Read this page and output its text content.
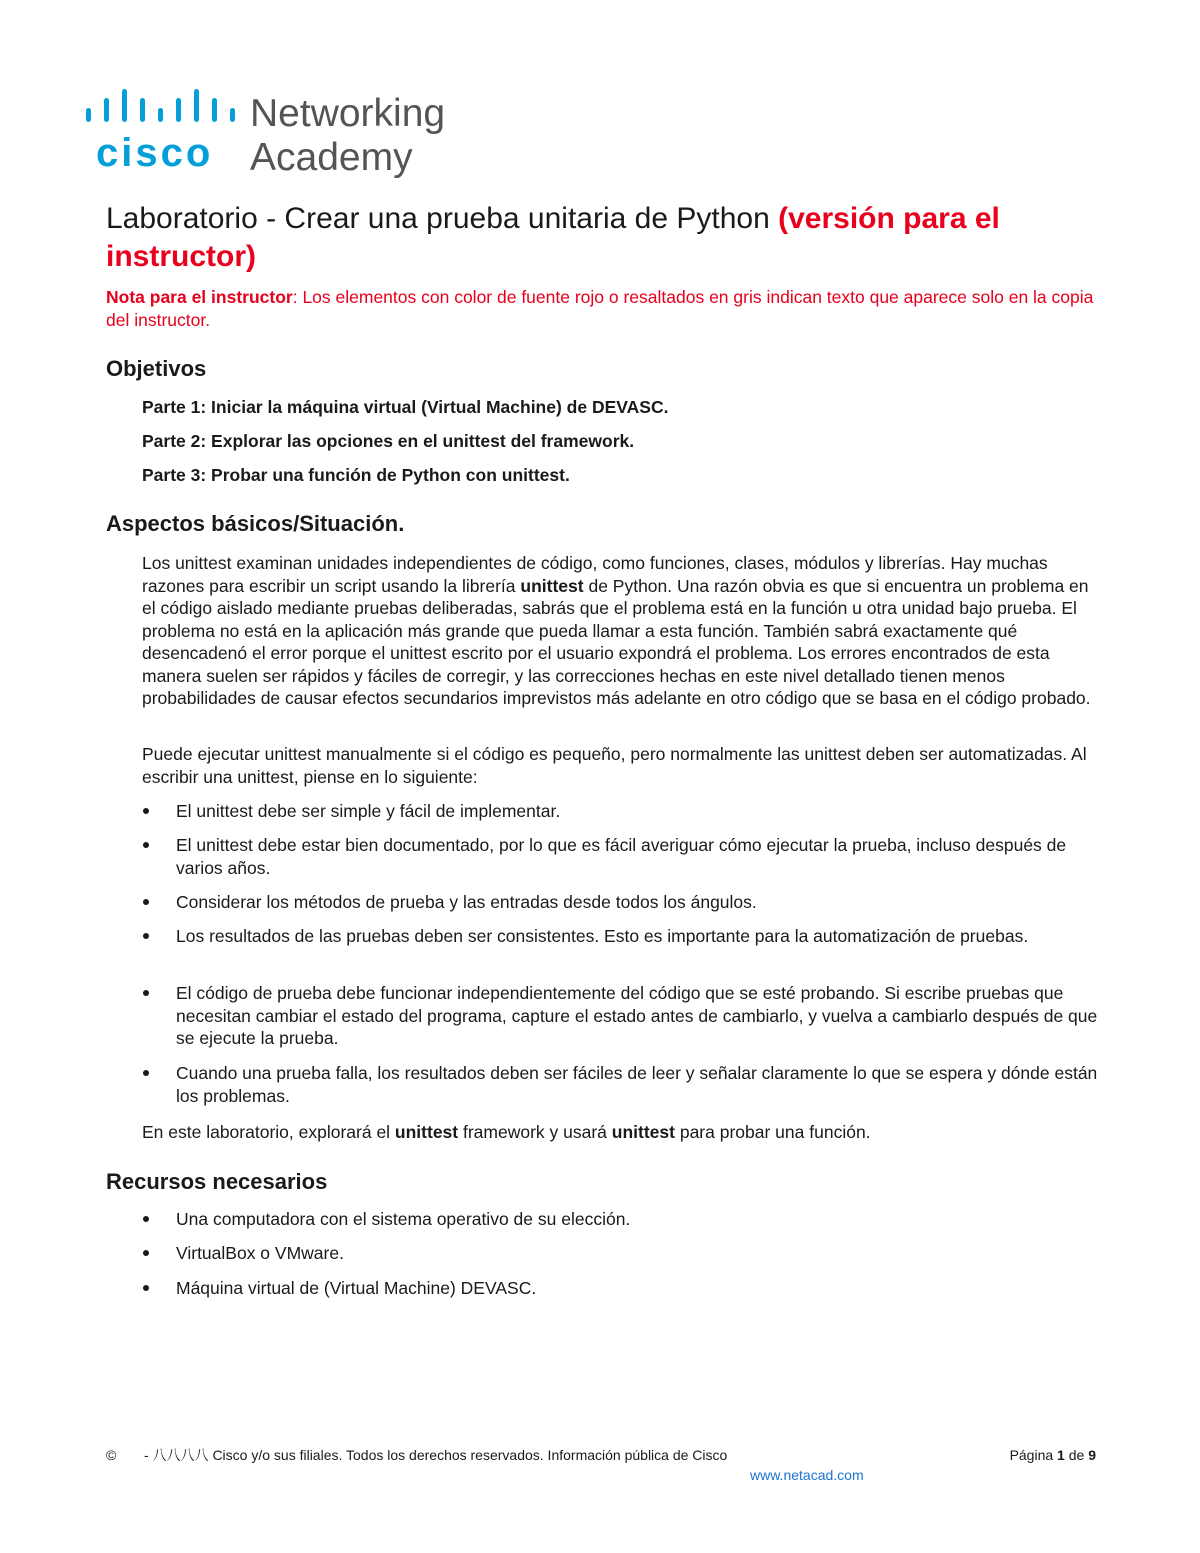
cisco
Networking
Academy
Laboratorio - Crear una prueba unitaria de Python (versión para el instructor)

Nota para el instructor: Los elementos con color de fuente rojo o resaltados en gris indican texto que aparece solo en la copia del instructor.

Objetivos

Parte 1: Iniciar la máquina virtual (Virtual Machine) de DEVASC.

Parte 2: Explorar las opciones en el unittest del framework.

Parte 3: Probar una función de Python con unittest.

Aspectos básicos/Situación.

Los unittest examinan unidades independientes de código, como funciones, clases, módulos y librerías. Hay muchas razones para escribir un script usando la librería unittest de Python. Una razón obvia es que si encuentra un problema en el código aislado mediante pruebas deliberadas, sabrás que el problema está en la función u otra unidad bajo prueba. El problema no está en la aplicación más grande que pueda llamar a esta función. También sabrá exactamente qué desencadenó el error porque el unittest escrito por el usuario expondrá el problema. Los errores encontrados de esta manera suelen ser rápidos y fáciles de corregir, y las correcciones hechas en este nivel detallado tienen menos probabilidades de causar efectos secundarios imprevistos más adelante en otro código que se basa en el código probado.

Puede ejecutar unittest manualmente si el código es pequeño, pero normalmente las unittest deben ser automatizadas. Al escribir una unittest, piense en lo siguiente:

El unittest debe ser simple y fácil de implementar.

El unittest debe estar bien documentado, por lo que es fácil averiguar cómo ejecutar la prueba, incluso después de varios años.

Considerar los métodos de prueba y las entradas desde todos los ángulos.

Los resultados de las pruebas deben ser consistentes. Esto es importante para la automatización de pruebas.

El código de prueba debe funcionar independientemente del código que se esté probando. Si escribe pruebas que necesitan cambiar el estado del programa, capture el estado antes de cambiarlo, y vuelva a cambiarlo después de que se ejecute la prueba.

Cuando una prueba falla, los resultados deben ser fáciles de leer y señalar claramente lo que se espera y dónde están los problemas.

En este laboratorio, explorará el unittest framework y usará unittest para probar una función.

Recursos necesarios

Una computadora con el sistema operativo de su elección.

VirtualBox o VMware.

Máquina virtual de (Virtual Machine) DEVASC.

© - 八八八八 Cisco y/o sus filiales. Todos los derechos reservados. Información pública de Cisco	Página 1 de 9
www.netacad.com
